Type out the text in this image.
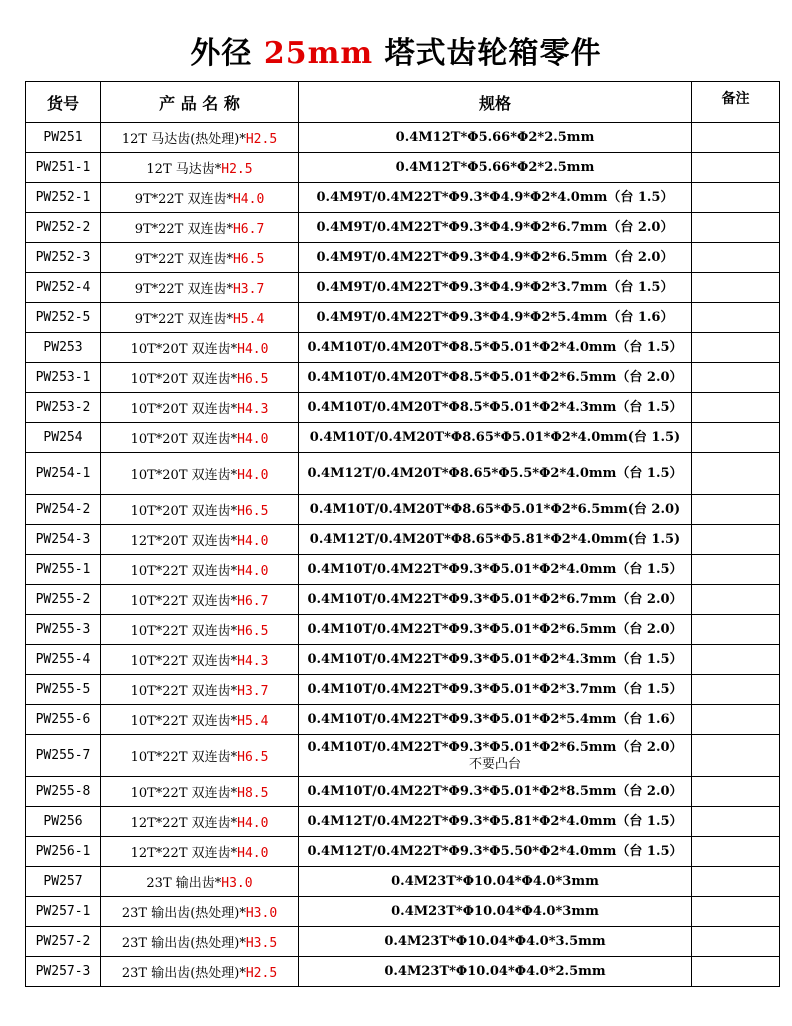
外径 25mm 塔式齿轮箱零件
货号	产 品 名 称	规格	备注
PW251	12T 马达齿(热处理)*H2.5	0.4M12T*Φ5.66*Φ2*2.5mm	
PW251-1	12T 马达齿*H2.5	0.4M12T*Φ5.66*Φ2*2.5mm	
PW252-1	9T*22T 双连齿*H4.0	0.4M9T/0.4M22T*Φ9.3*Φ4.9*Φ2*4.0mm（台 1.5）	
PW252-2	9T*22T 双连齿*H6.7	0.4M9T/0.4M22T*Φ9.3*Φ4.9*Φ2*6.7mm（台 2.0）	
PW252-3	9T*22T 双连齿*H6.5	0.4M9T/0.4M22T*Φ9.3*Φ4.9*Φ2*6.5mm（台 2.0）	
PW252-4	9T*22T 双连齿*H3.7	0.4M9T/0.4M22T*Φ9.3*Φ4.9*Φ2*3.7mm（台 1.5）	
PW252-5	9T*22T 双连齿*H5.4	0.4M9T/0.4M22T*Φ9.3*Φ4.9*Φ2*5.4mm（台 1.6）	
PW253	10T*20T 双连齿*H4.0	0.4M10T/0.4M20T*Φ8.5*Φ5.01*Φ2*4.0mm（台 1.5）	
PW253-1	10T*20T 双连齿*H6.5	0.4M10T/0.4M20T*Φ8.5*Φ5.01*Φ2*6.5mm（台 2.0）	
PW253-2	10T*20T 双连齿*H4.3	0.4M10T/0.4M20T*Φ8.5*Φ5.01*Φ2*4.3mm（台 1.5）	
PW254	10T*20T 双连齿*H4.0	0.4M10T/0.4M20T*Φ8.65*Φ5.01*Φ2*4.0mm(台 1.5)	
PW254-1	10T*20T 双连齿*H4.0	0.4M12T/0.4M20T*Φ8.65*Φ5.5*Φ2*4.0mm（台 1.5）	
PW254-2	10T*20T 双连齿*H6.5	0.4M10T/0.4M20T*Φ8.65*Φ5.01*Φ2*6.5mm(台 2.0)	
PW254-3	12T*20T 双连齿*H4.0	0.4M12T/0.4M20T*Φ8.65*Φ5.81*Φ2*4.0mm(台 1.5)	
PW255-1	10T*22T 双连齿*H4.0	0.4M10T/0.4M22T*Φ9.3*Φ5.01*Φ2*4.0mm（台 1.5）	
PW255-2	10T*22T 双连齿*H6.7	0.4M10T/0.4M22T*Φ9.3*Φ5.01*Φ2*6.7mm（台 2.0）	
PW255-3	10T*22T 双连齿*H6.5	0.4M10T/0.4M22T*Φ9.3*Φ5.01*Φ2*6.5mm（台 2.0）	
PW255-4	10T*22T 双连齿*H4.3	0.4M10T/0.4M22T*Φ9.3*Φ5.01*Φ2*4.3mm（台 1.5）	
PW255-5	10T*22T 双连齿*H3.7	0.4M10T/0.4M22T*Φ9.3*Φ5.01*Φ2*3.7mm（台 1.5）	
PW255-6	10T*22T 双连齿*H5.4	0.4M10T/0.4M22T*Φ9.3*Φ5.01*Φ2*5.4mm（台 1.6）	
PW255-7	10T*22T 双连齿*H6.5	0.4M10T/0.4M22T*Φ9.3*Φ5.01*Φ2*6.5mm（台 2.0）
不要凸台	

PW255-8	10T*22T 双连齿*H8.5	0.4M10T/0.4M22T*Φ9.3*Φ5.01*Φ2*8.5mm（台 2.0）	
PW256	12T*22T 双连齿*H4.0	0.4M12T/0.4M22T*Φ9.3*Φ5.81*Φ2*4.0mm（台 1.5）	
PW256-1	12T*22T 双连齿*H4.0	0.4M12T/0.4M22T*Φ9.3*Φ5.50*Φ2*4.0mm（台 1.5）	
PW257	23T 输出齿*H3.0	0.4M23T*Φ10.04*Φ4.0*3mm	
PW257-1	23T 输出齿(热处理)*H3.0	0.4M23T*Φ10.04*Φ4.0*3mm	
PW257-2	23T 输出齿(热处理)*H3.5	0.4M23T*Φ10.04*Φ4.0*3.5mm	
PW257-3	23T 输出齿(热处理)*H2.5	0.4M23T*Φ10.04*Φ4.0*2.5mm	
